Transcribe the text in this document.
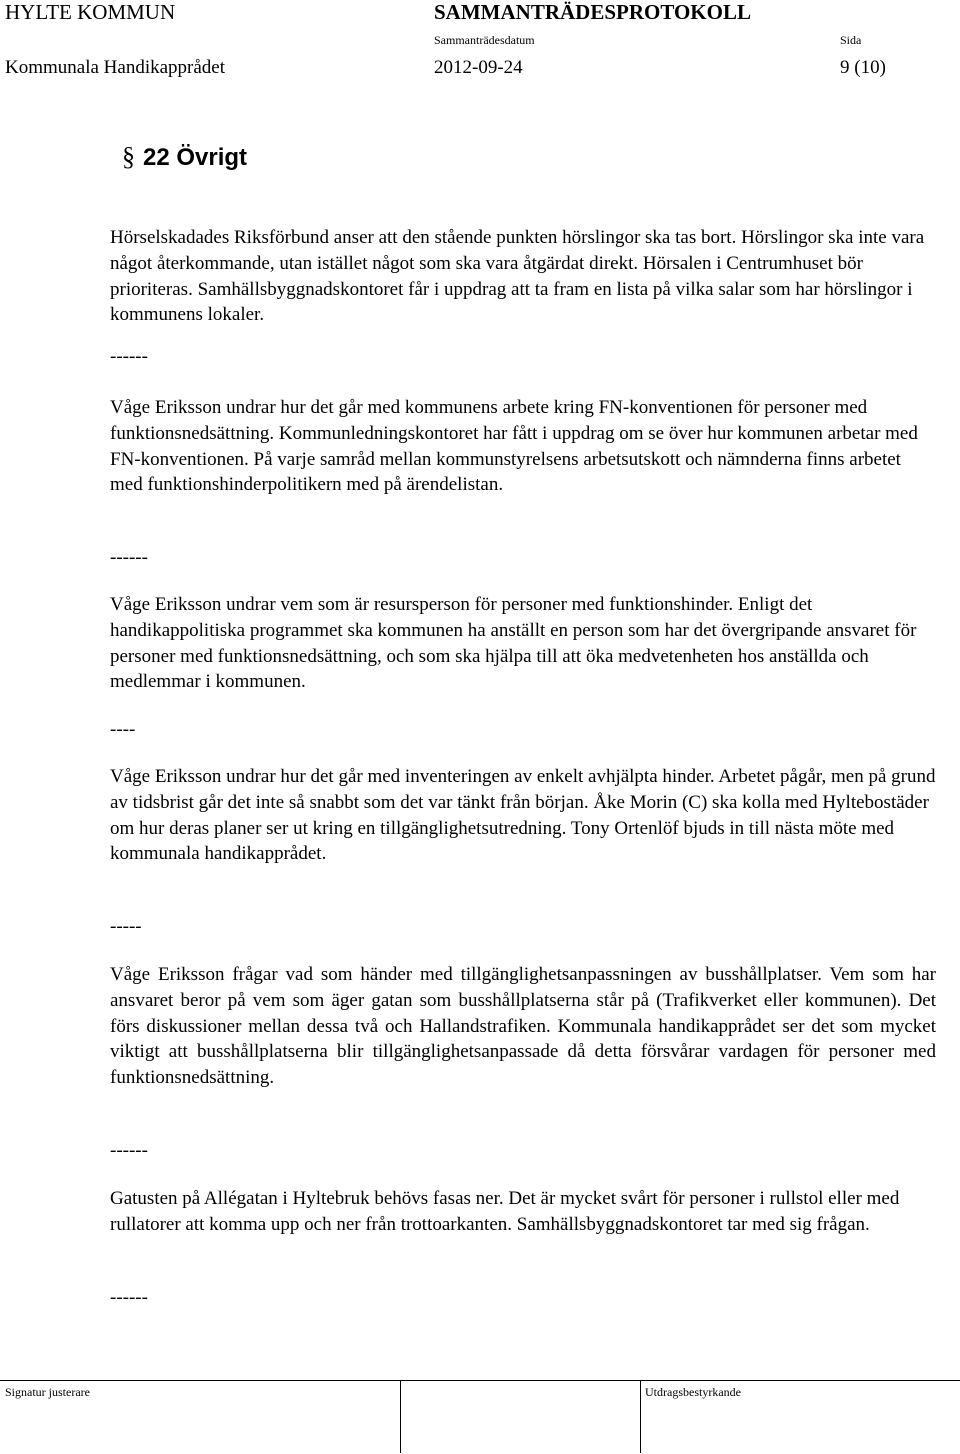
HYLTE KOMMUN	SAMMANTRÄDESPROTOKOLL
Sammanträdesdatum	Sida
Kommunala Handikapprådet	2012-09-24	9 (10)
§ 22 Övrigt

Hörselskadades Riksförbund anser att den stående punkten hörslingor ska tas bort. Hörslingor ska inte vara något återkommande, utan istället något som ska vara åtgärdat direkt. Hörsalen i Centrumhuset bör prioriteras. Samhällsbyggnadskontoret får i uppdrag att ta fram en lista på vilka salar som har hörslingor i kommunens lokaler.

------
Våge Eriksson undrar hur det går med kommunens arbete kring FN-konventionen för personer med funktionsnedsättning. Kommunledningskontoret har fått i uppdrag om se över hur kommunen arbetar med FN-konventionen. På varje samråd mellan kommunstyrelsens arbetsutskott och nämnderna finns arbetet med funktionshinderpolitikern med på ärendelistan.
------
Våge Eriksson undrar vem som är resursperson för personer med funktionshinder. Enligt det handikappolitiska programmet ska kommunen ha anställt en person som har det övergripande ansvaret för personer med funktionsnedsättning, och som ska hjälpa till att öka medvetenheten hos anställda och medlemmar i kommunen.
----
Våge Eriksson undrar hur det går med inventeringen av enkelt avhjälpta hinder. Arbetet pågår, men på grund av tidsbrist går det inte så snabbt som det var tänkt från början. Åke Morin (C) ska kolla med Hyltebostäder om hur deras planer ser ut kring en tillgänglighetsutredning. Tony Ortenlöf bjuds in till nästa möte med kommunala handikapprådet.
-----
Våge Eriksson frågar vad som händer med tillgänglighetsanpassningen av busshållplatser. Vem som har ansvaret beror på vem som äger gatan som busshållplatserna står på (Trafikverket eller kommunen). Det förs diskussioner mellan dessa två och Hallandstrafiken. Kommunala handikapprådet ser det som mycket viktigt att busshållplatserna blir tillgänglighetsanpassade då detta försvårar vardagen för personer med funktionsnedsättning.
------
Gatusten på Allégatan i Hyltebruk behövs fasas ner. Det är mycket svårt för personer i rullstol eller med rullatorer att komma upp och ner från trottoarkanten. Samhällsbyggnadskontoret tar med sig frågan.
------
Signatur justerare	Utdragsbestyrkande
